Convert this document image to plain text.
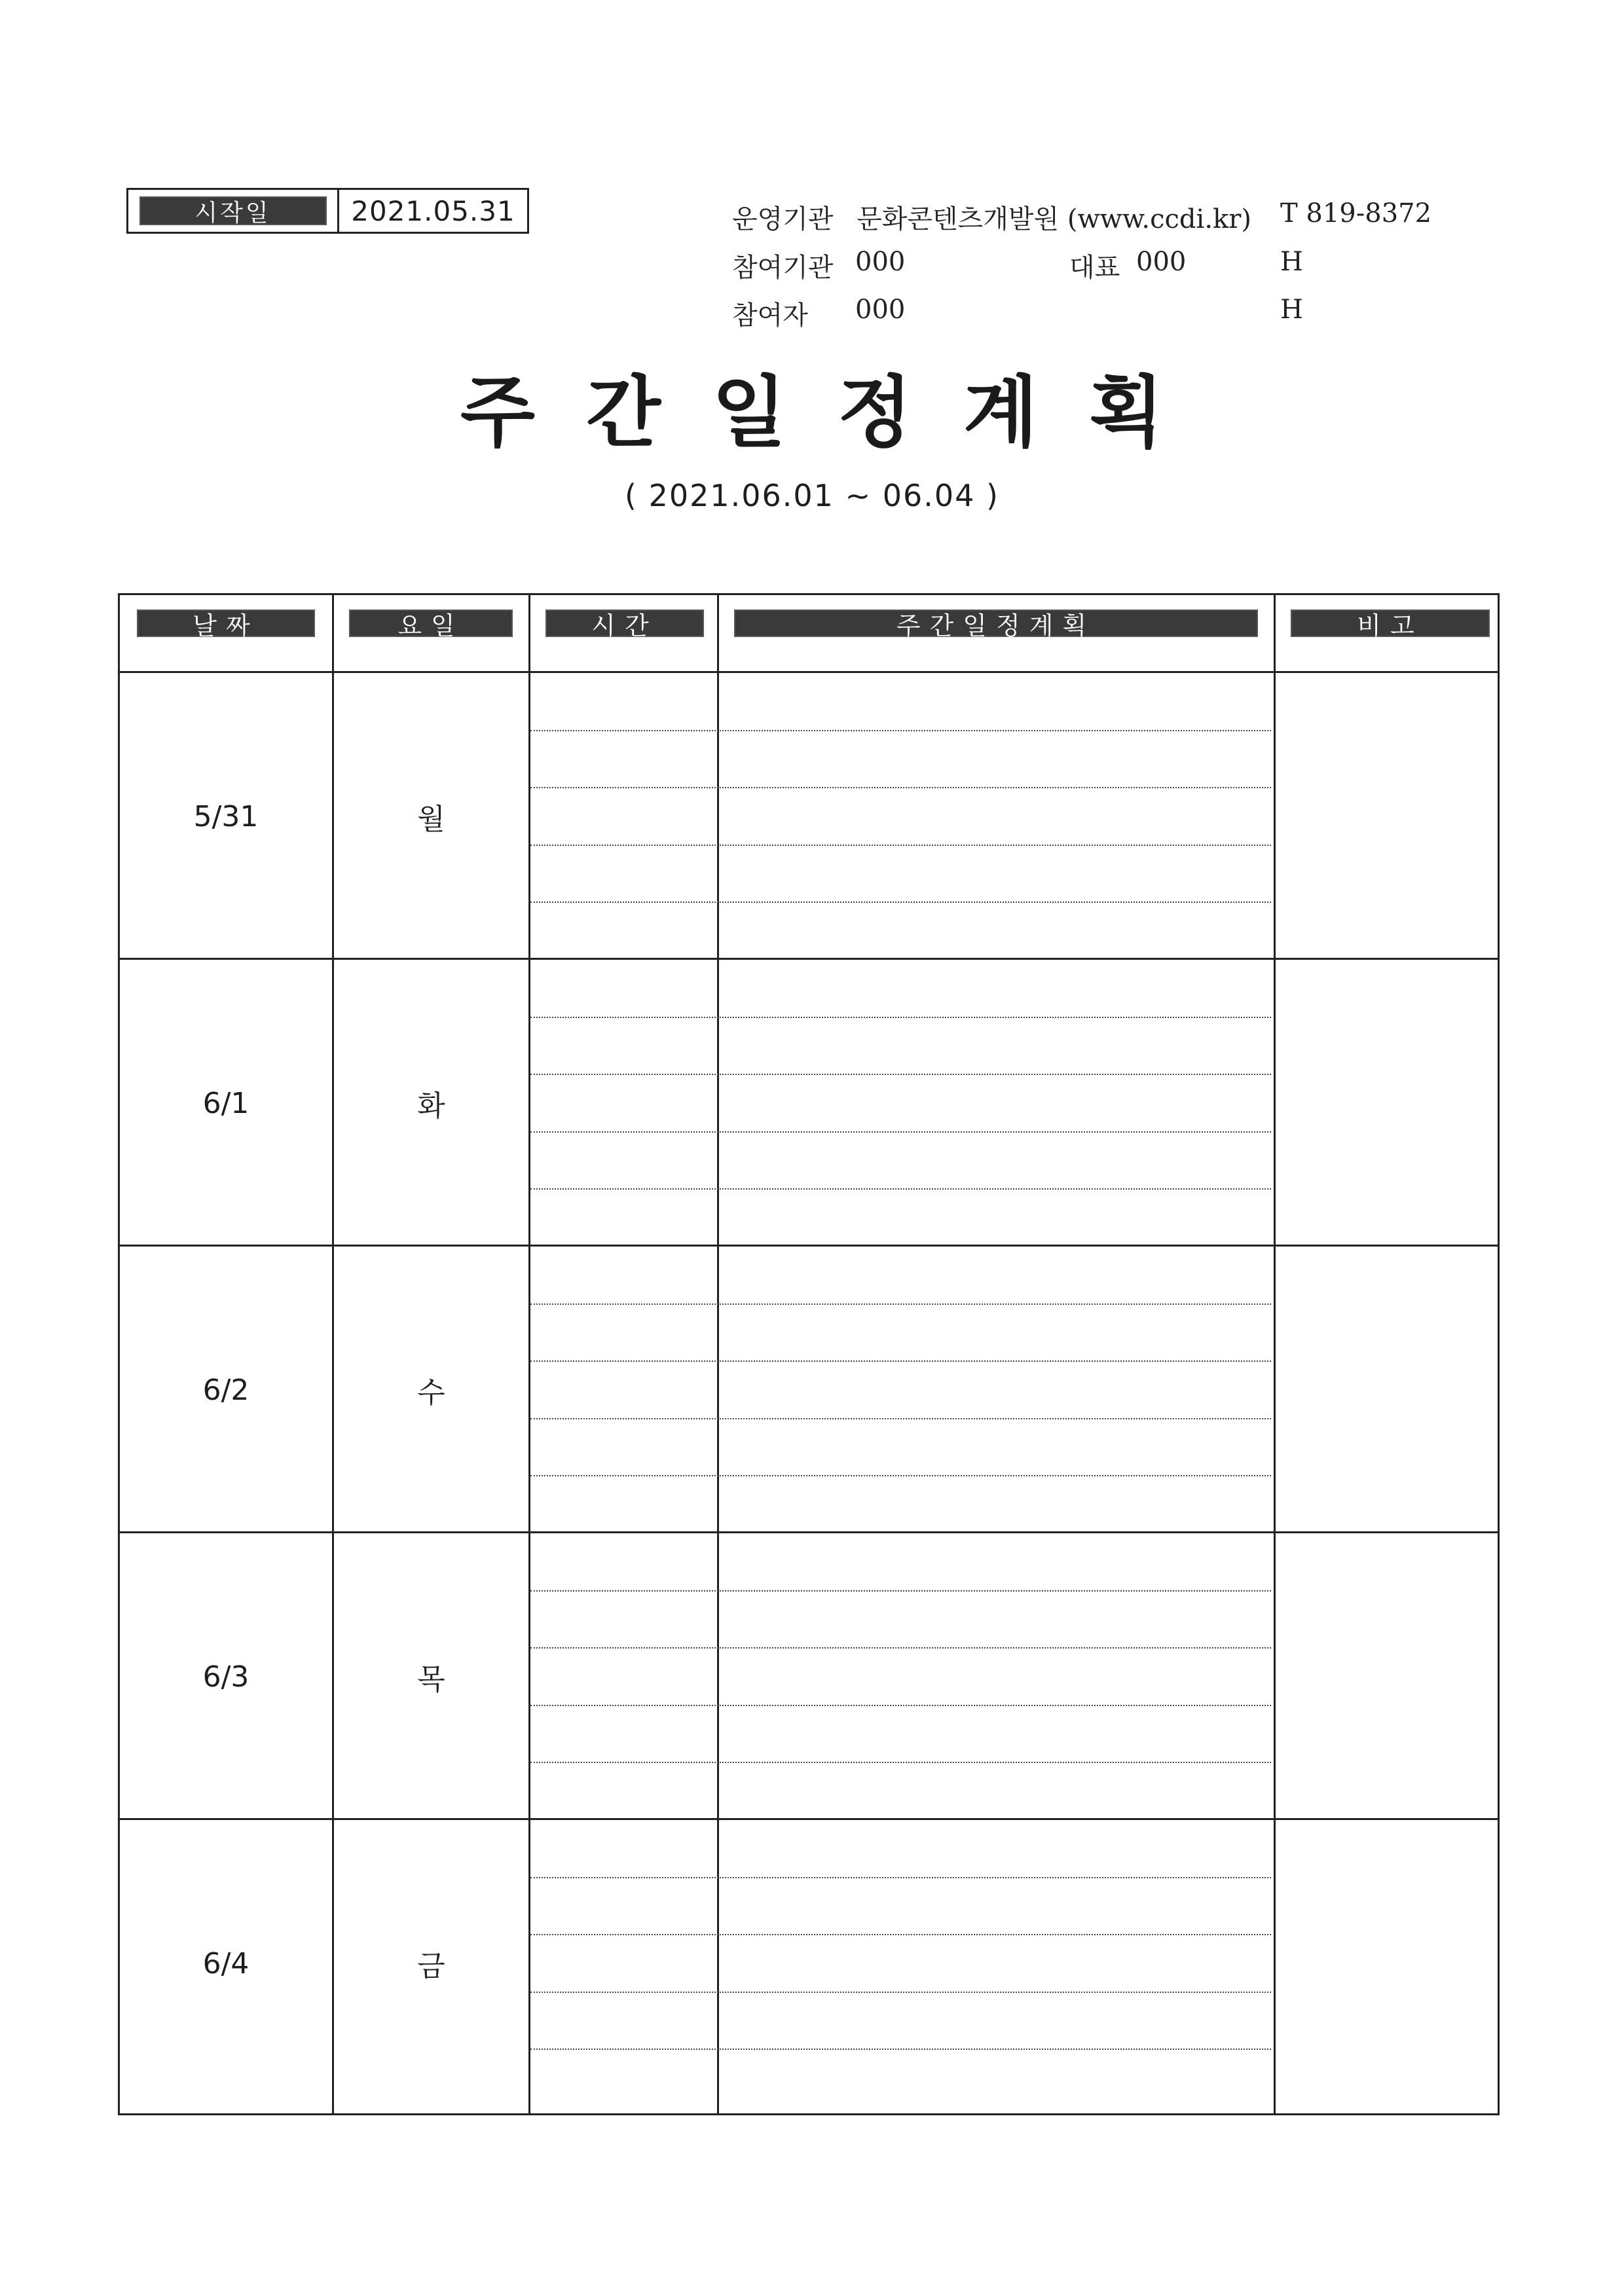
시작일	2021.05.31	운영기관 문화콘텐츠개발원 (www.ccdi.kr) T 819-8372
참여기관 000	대표 000	H
참여자 000	H
주간일정계획
( 2021.06.01 ~ 06.04 )
날짜	요일	시간	주간일정계획	비고
5/31	월
6/1	화
6/2	수
6/3	목
6/4	금
